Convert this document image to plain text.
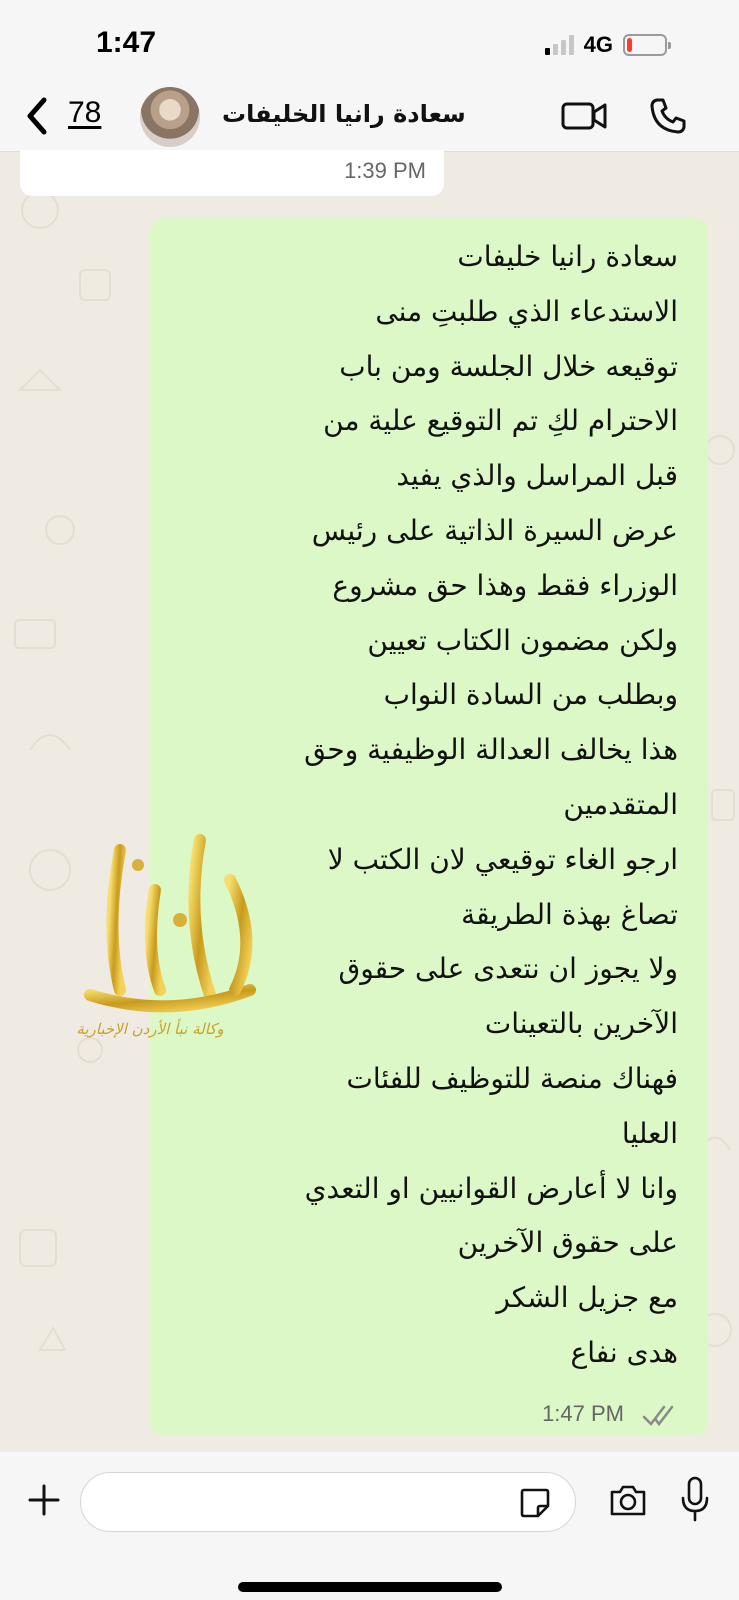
1:47	4G
78	سعادة رانيا الخليفات
1:39 PM
سعادة رانيا خليفات
الاستدعاء الذي طلبتِ منى
توقيعه خلال الجلسة ومن باب
الاحترام لكِ تم التوقيع علية من
قبل المراسل والذي يفيد
عرض السيرة الذاتية على رئيس
الوزراء فقط وهذا حق مشروع
ولكن مضمون الكتاب تعيين
وبطلب من السادة النواب
هذا يخالف العدالة الوظيفية وحق
المتقدمين
ارجو الغاء توقيعي لان الكتب لا
تصاغ بهذة الطريقة
ولا يجوز ان نتعدى على حقوق
الآخرين بالتعينات
فهناك منصة للتوظيف للفئات
العليا
وانا لا أعارض القوانيين او التعدي
على حقوق الآخرين
مع جزيل الشكر
هدى نفاع
1:47 PM
وكالة نبأ الأردن الإخبارية
